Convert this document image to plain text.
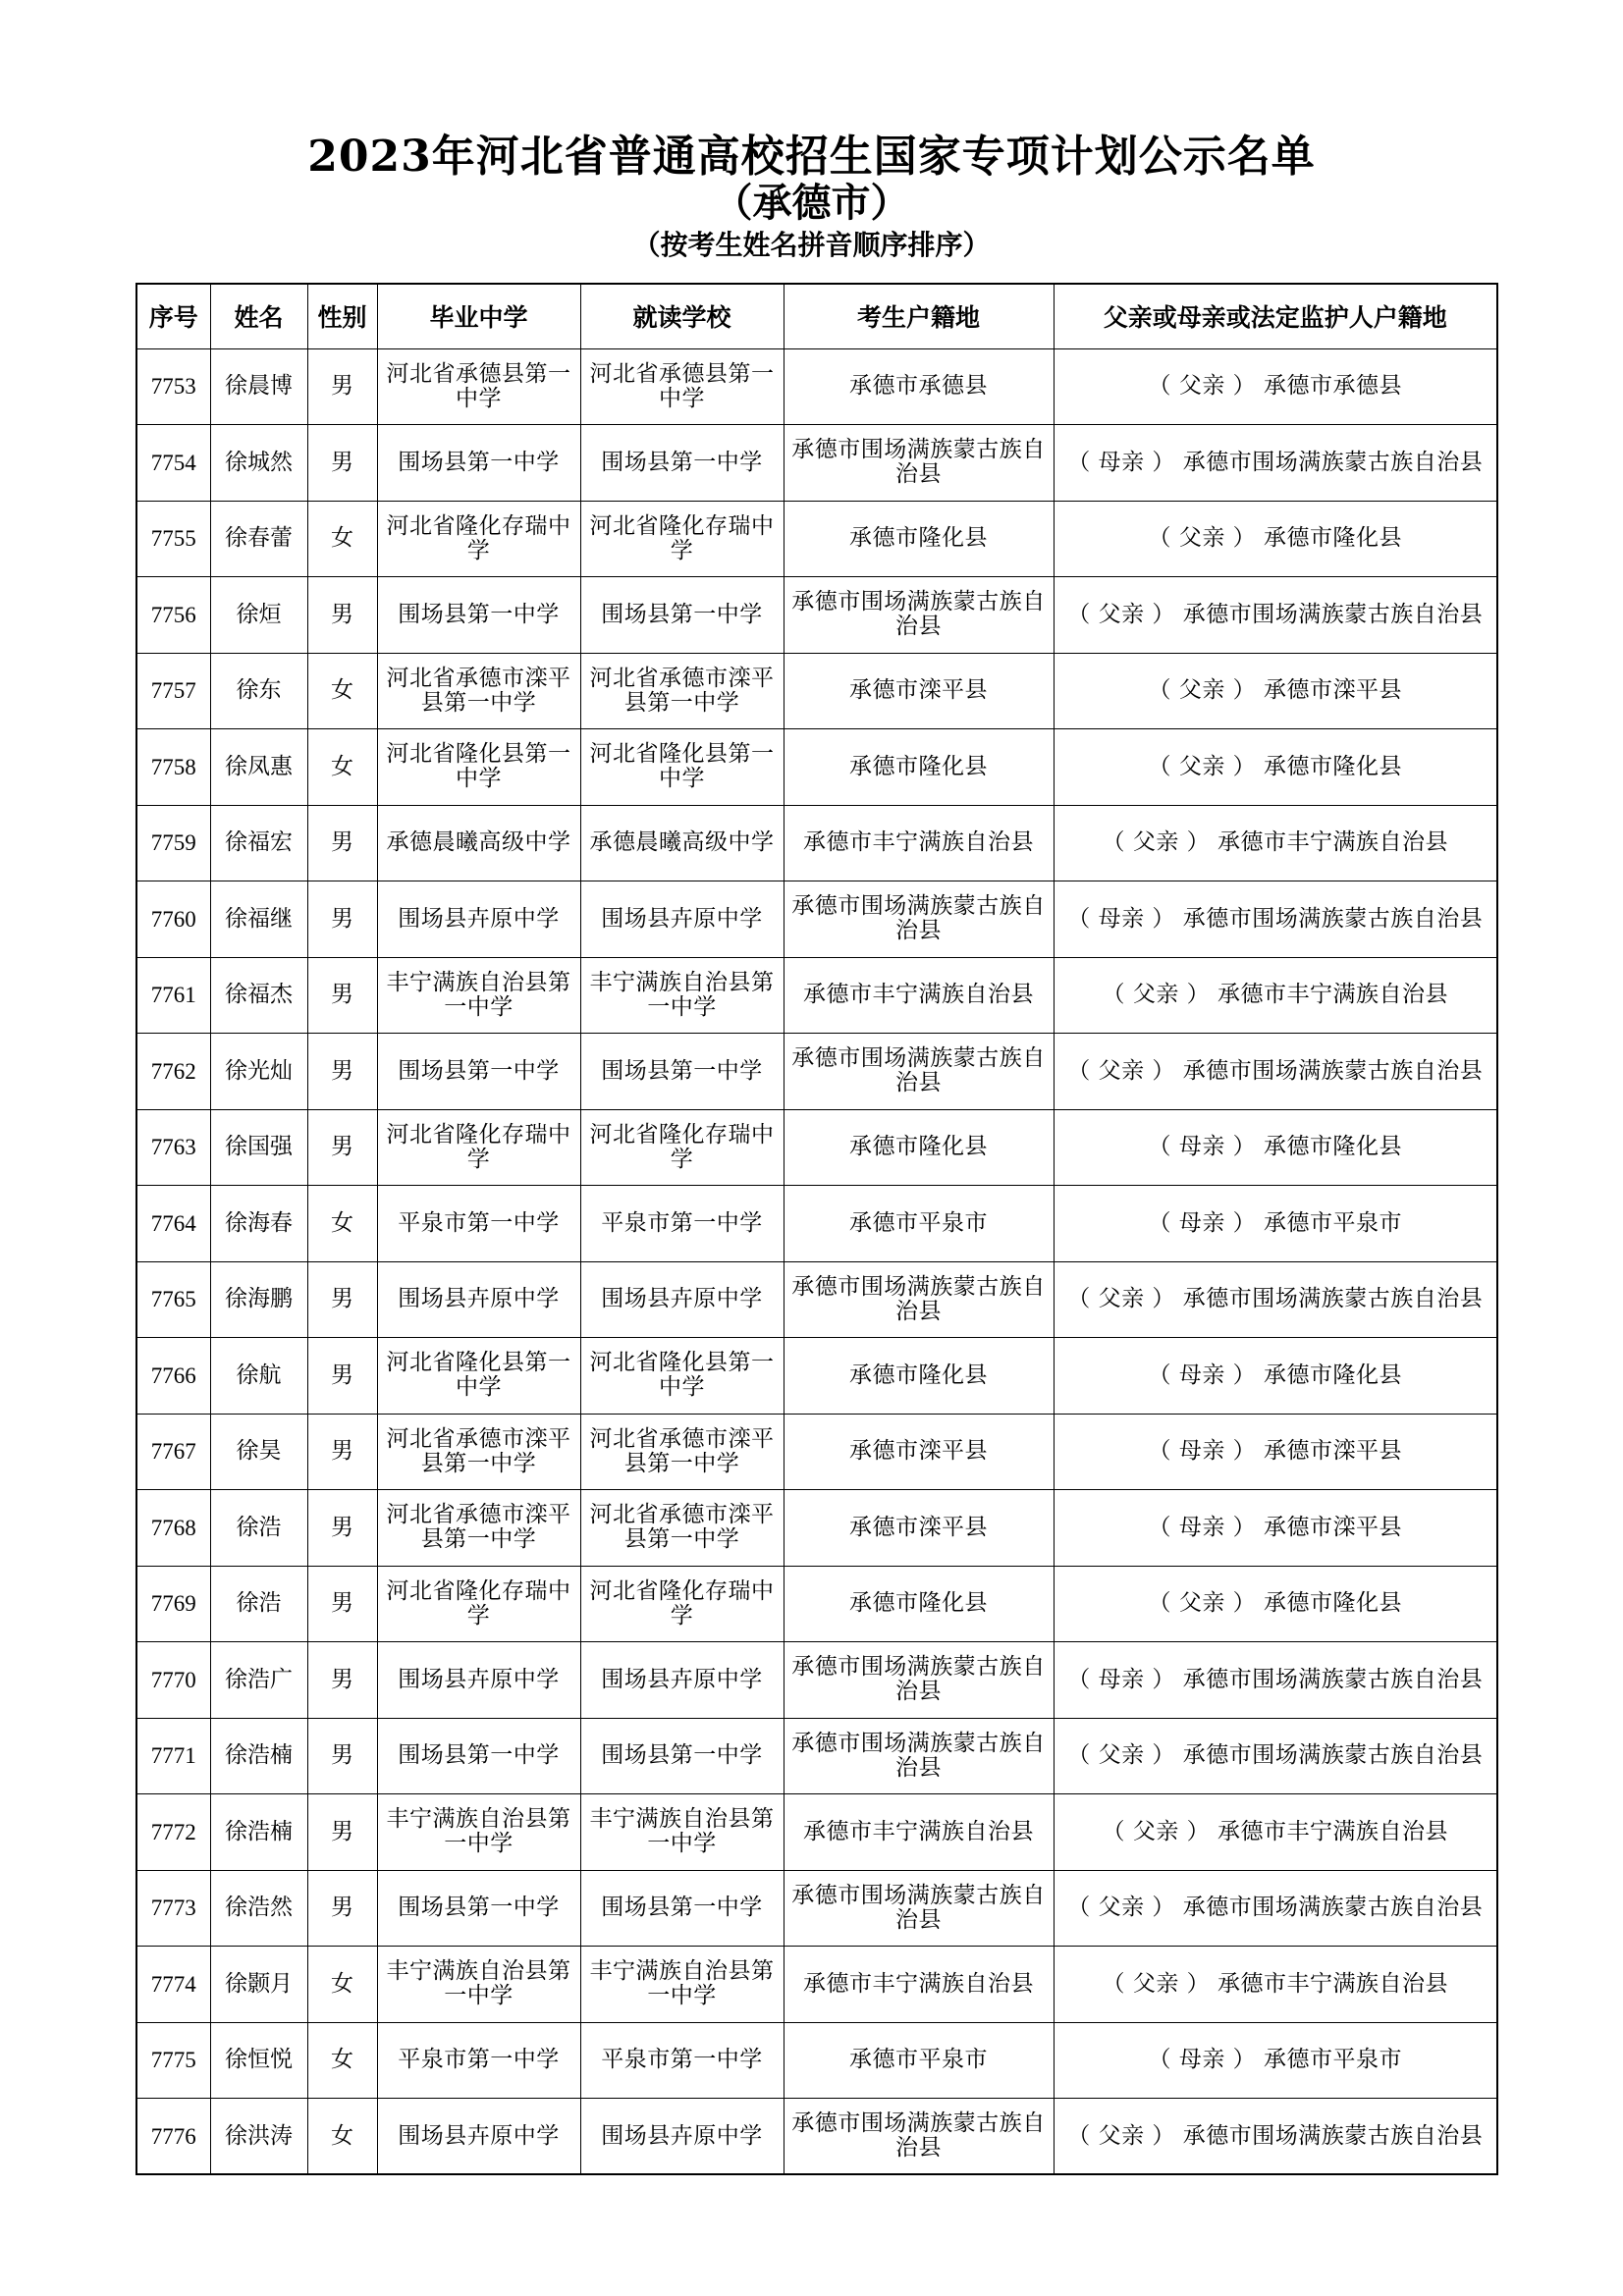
2023年河北省普通高校招生国家专项计划公示名单
（承德市）
（按考生姓名拼音顺序排序）
序号	姓名	性别	毕业中学	就读学校	考生户籍地	父亲或母亲或法定监护人户籍地
7753	徐晨博	男	河北省承德县第一中学	河北省承德县第一中学	承德市承德县	（ 父亲 ） 承德市承德县
7754	徐城然	男	围场县第一中学	围场县第一中学	承德市围场满族蒙古族自治县	（ 母亲 ） 承德市围场满族蒙古族自治县
7755	徐春蕾	女	河北省隆化存瑞中学	河北省隆化存瑞中学	承德市隆化县	（ 父亲 ） 承德市隆化县
7756	徐烜	男	围场县第一中学	围场县第一中学	承德市围场满族蒙古族自治县	（ 父亲 ） 承德市围场满族蒙古族自治县
7757	徐东	女	河北省承德市滦平县第一中学	河北省承德市滦平县第一中学	承德市滦平县	（ 父亲 ） 承德市滦平县
7758	徐凤惠	女	河北省隆化县第一中学	河北省隆化县第一中学	承德市隆化县	（ 父亲 ） 承德市隆化县
7759	徐福宏	男	承德晨曦高级中学	承德晨曦高级中学	承德市丰宁满族自治县	（ 父亲 ） 承德市丰宁满族自治县
7760	徐福继	男	围场县卉原中学	围场县卉原中学	承德市围场满族蒙古族自治县	（ 母亲 ） 承德市围场满族蒙古族自治县
7761	徐福杰	男	丰宁满族自治县第一中学	丰宁满族自治县第一中学	承德市丰宁满族自治县	（ 父亲 ） 承德市丰宁满族自治县
7762	徐光灿	男	围场县第一中学	围场县第一中学	承德市围场满族蒙古族自治县	（ 父亲 ） 承德市围场满族蒙古族自治县
7763	徐国强	男	河北省隆化存瑞中学	河北省隆化存瑞中学	承德市隆化县	（ 母亲 ） 承德市隆化县
7764	徐海春	女	平泉市第一中学	平泉市第一中学	承德市平泉市	（ 母亲 ） 承德市平泉市
7765	徐海鹏	男	围场县卉原中学	围场县卉原中学	承德市围场满族蒙古族自治县	（ 父亲 ） 承德市围场满族蒙古族自治县
7766	徐航	男	河北省隆化县第一中学	河北省隆化县第一中学	承德市隆化县	（ 母亲 ） 承德市隆化县
7767	徐昊	男	河北省承德市滦平县第一中学	河北省承德市滦平县第一中学	承德市滦平县	（ 母亲 ） 承德市滦平县
7768	徐浩	男	河北省承德市滦平县第一中学	河北省承德市滦平县第一中学	承德市滦平县	（ 母亲 ） 承德市滦平县
7769	徐浩	男	河北省隆化存瑞中学	河北省隆化存瑞中学	承德市隆化县	（ 父亲 ） 承德市隆化县
7770	徐浩广	男	围场县卉原中学	围场县卉原中学	承德市围场满族蒙古族自治县	（ 母亲 ） 承德市围场满族蒙古族自治县
7771	徐浩楠	男	围场县第一中学	围场县第一中学	承德市围场满族蒙古族自治县	（ 父亲 ） 承德市围场满族蒙古族自治县
7772	徐浩楠	男	丰宁满族自治县第一中学	丰宁满族自治县第一中学	承德市丰宁满族自治县	（ 父亲 ） 承德市丰宁满族自治县
7773	徐浩然	男	围场县第一中学	围场县第一中学	承德市围场满族蒙古族自治县	（ 父亲 ） 承德市围场满族蒙古族自治县
7774	徐颢月	女	丰宁满族自治县第一中学	丰宁满族自治县第一中学	承德市丰宁满族自治县	（ 父亲 ） 承德市丰宁满族自治县
7775	徐恒悦	女	平泉市第一中学	平泉市第一中学	承德市平泉市	（ 母亲 ） 承德市平泉市
7776	徐洪涛	女	围场县卉原中学	围场县卉原中学	承德市围场满族蒙古族自治县	（ 父亲 ） 承德市围场满族蒙古族自治县
